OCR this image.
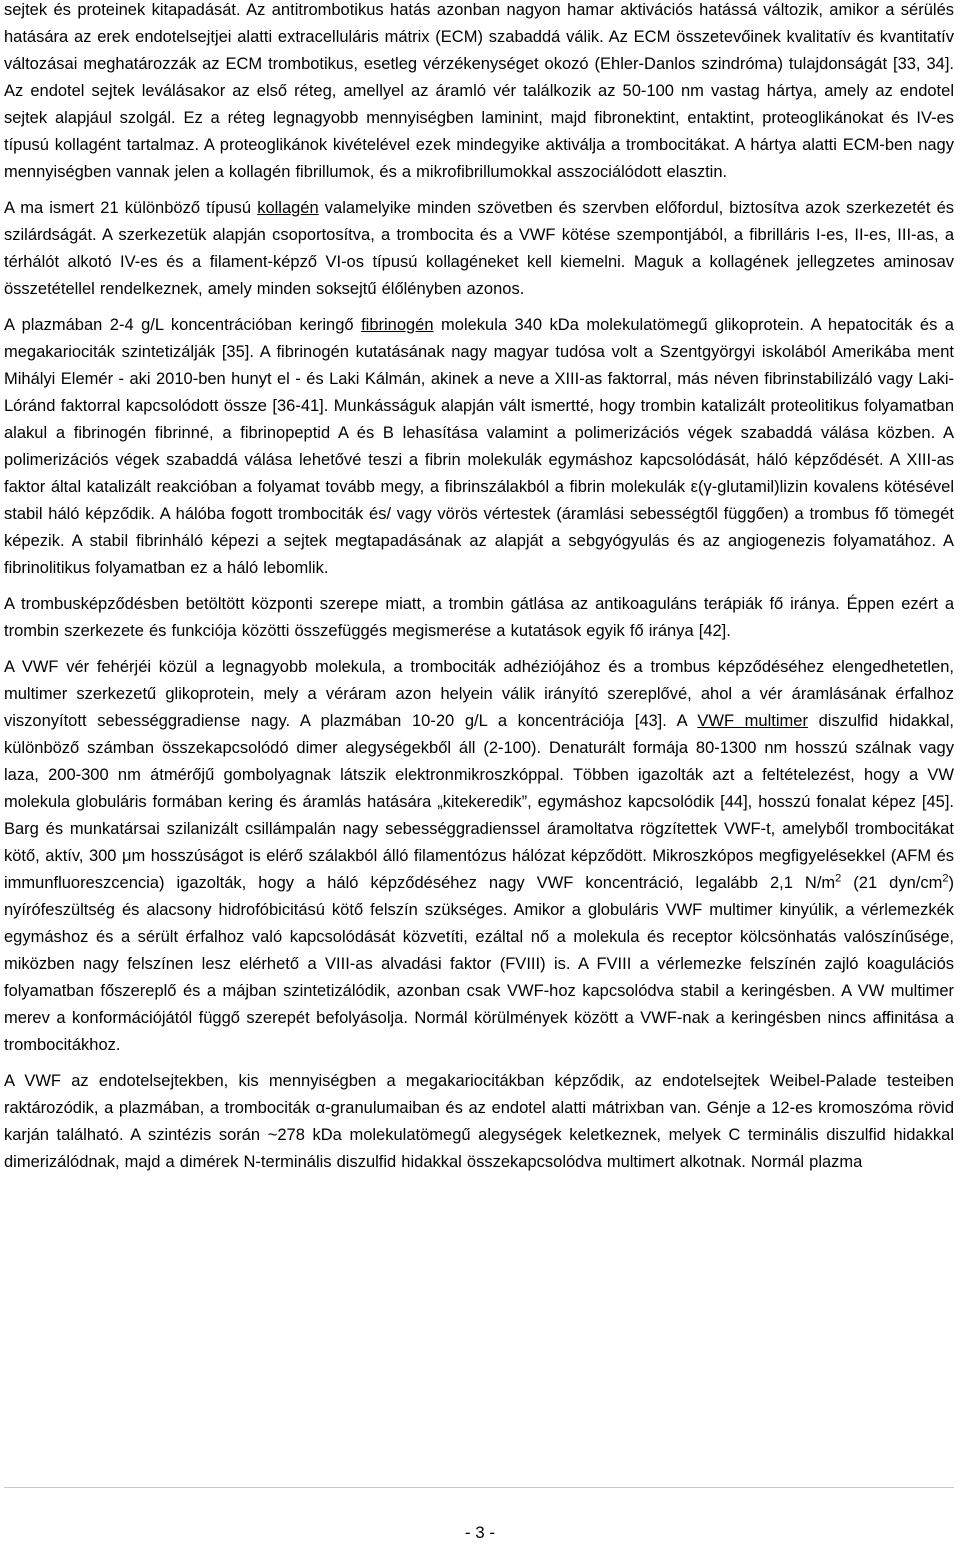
sejtek és proteinek kitapadását. Az antitrombotikus hatás azonban nagyon hamar aktivációs hatássá változik, amikor a sérülés hatására az erek endotelsejtjei alatti extracelluláris mátrix (ECM) szabaddá válik. Az ECM összetevőinek kvalitatív és kvantitatív változásai meghatározzák az ECM trombotikus, esetleg vérzékenységet okozó (Ehler-Danlos szindróma) tulajdonságát [33, 34]. Az endotel sejtek leválásakor az első réteg, amellyel az áramló vér találkozik az 50-100 nm vastag hártya, amely az endotel sejtek alapjául szolgál. Ez a réteg legnagyobb mennyiségben laminint, majd fibronektint, entaktint, proteoglikánokat és IV-es típusú kollagént tartalmaz. A proteoglikánok kivételével ezek mindegyike aktiválja a trombocitákat. A hártya alatti ECM-ben nagy mennyiségben vannak jelen a kollagén fibrillumok, és a mikrofibrillumokkal asszociálódott elasztin.

A ma ismert 21 különböző típusú kollagén valamelyike minden szövetben és szervben előfordul, biztosítva azok szerkezetét és szilárdságát. A szerkezetük alapján csoportosítva, a trombocita és a VWF kötése szempontjából, a fibrilláris I-es, II-es, III-as, a térhálót alkotó IV-es és a filament-képző VI-os típusú kollagéneket kell kiemelni. Maguk a kollagének jellegzetes aminosav összetétellel rendelkeznek, amely minden soksejtű élőlényben azonos.

A plazmában 2-4 g/L koncentrációban keringő fibrinogén molekula 340 kDa molekulatömegű glikoprotein. A hepatociták és a megakariociták szintetizálják [35]. A fibrinogén kutatásának nagy magyar tudósa volt a Szentgyörgyi iskolából Amerikába ment Mihályi Elemér - aki 2010-ben hunyt el - és Laki Kálmán, akinek a neve a XIII-as faktorral, más néven fibrinstabilizáló vagy Laki-Lóránd faktorral kapcsolódott össze [36-41]. Munkásságuk alapján vált ismertté, hogy trombin katalizált proteolitikus folyamatban alakul a fibrinogén fibrinné, a fibrinopeptid A és B lehasítása valamint a polimerizációs végek szabaddá válása közben. A polimerizációs végek szabaddá válása lehetővé teszi a fibrin molekulák egymáshoz kapcsolódását, háló képződését. A XIII-as faktor által katalizált reakcióban a folyamat tovább megy, a fibrinszálakból a fibrin molekulák ε(γ-glutamil)lizin kovalens kötésével stabil háló képződik. A hálóba fogott trombociták és/ vagy vörös vértestek (áramlási sebességtől függően) a trombus fő tömegét képezik. A stabil fibrinháló képezi a sejtek megtapadásának az alapját a sebgyógyulás és az angiogenezis folyamatához. A fibrinolitikus folyamatban ez a háló lebomlik.

A trombusképződésben betöltött központi szerepe miatt, a trombin gátlása az antikoaguláns terápiák fő iránya. Éppen ezért a trombin szerkezete és funkciója közötti összefüggés megismerése a kutatások egyik fő iránya [42].

A VWF vér fehérjéi közül a legnagyobb molekula, a trombociták adhéziójához és a trombus képződéséhez elengedhetetlen, multimer szerkezetű glikoprotein, mely a véráram azon helyein válik irányító szereplővé, ahol a vér áramlásának érfalhoz viszonyított sebességgradiense nagy. A plazmában 10-20 g/L a koncentrációja [43]. A VWF multimer diszulfid hidakkal, különböző számban összekapcsolódó dimer alegységekből áll (2-100). Denaturált formája 80-1300 nm hosszú szálnak vagy laza, 200-300 nm átmérőjű gombolyagnak látszik elektronmikroszkóppal. Többen igazolták azt a feltételezést, hogy a VW molekula globuláris formában kering és áramlás hatására „kitekeredik”, egymáshoz kapcsolódik [44], hosszú fonalat képez [45]. Barg és munkatársai szilanizált csillámpalán nagy sebességgradienssel áramoltatva rögzítettek VWF-t, amelyből trombocitákat kötő, aktív, 300 μm hosszúságot is elérő szálakból álló filamentózus hálózat képződött. Mikroszkópos megfigyelésekkel (AFM és immunfluoreszcencia) igazolták, hogy a háló képződéséhez nagy VWF koncentráció, legalább 2,1 $N/m^2$ (21 dyn/$cm^2$) nyírófeszültség és alacsony hidrofóbicitású kötő felszín szükséges. Amikor a globuláris VWF multimer kinyúlik, a vérlemezkék egymáshoz és a sérült érfalhoz való kapcsolódását közvetíti, ezáltal nő a molekula és receptor kölcsönhatás valószínűsége, miközben nagy felszínen lesz elérhető a VIII-as alvadási faktor (FVIII) is. A FVIII a vérlemezke felszínén zajló koagulációs folyamatban főszereplő és a májban szintetizálódik, azonban csak VWF-hoz kapcsolódva stabil a keringésben. A VW multimer merev a konformációjától függő szerepét befolyásolja. Normál körülmények között a VWF-nak a keringésben nincs affinitása a trombocitákhoz.

A VWF az endotelsejtekben, kis mennyiségben a megakariocitákban képződik, az endotelsejtek Weibel-Palade testeiben raktározódik, a plazmában, a trombociták α-granulumaiban és az endotel alatti mátrixban van. Génje a 12-es kromoszóma rövid karján található. A szintézis során ~278 kDa molekulatömegű alegységek keletkeznek, melyek C terminális diszulfid hidakkal dimerizálódnak, majd a dimérek N-terminális diszulfid hidakkal összekapcsolódva multimert alkotnak. Normál plazma

- 3 -
